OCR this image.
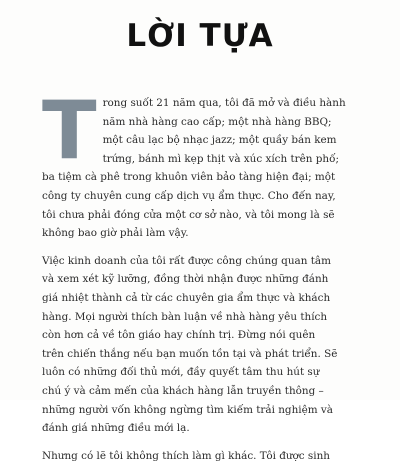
LỜI TỰA

T rong suốt 21 năm qua, tôi đã mở và điều hành
năm nhà hàng cao cấp; một nhà hàng BBQ;
một câu lạc bộ nhạc jazz; một quầy bán kem
trứng, bánh mì kẹp thịt và xúc xích trên phố;
ba tiệm cà phê trong khuôn viên bảo tàng hiện đại; một
công ty chuyên cung cấp dịch vụ ẩm thực. Cho đến nay,
tôi chưa phải đóng cửa một cơ sở nào, và tôi mong là sẽ
không bao giờ phải làm vậy.

Việc kinh doanh của tôi rất được công chúng quan tâm
và xem xét kỹ lưỡng, đồng thời nhận được những đánh
giá nhiệt thành cả từ các chuyên gia ẩm thực và khách
hàng. Mọi người thích bàn luận về nhà hàng yêu thích
còn hơn cả về tôn giáo hay chính trị. Đừng nói quên
trên chiến thắng nếu bạn muốn tồn tại và phát triển. Sẽ
luôn có những đối thủ mới, đầy quyết tâm thu hút sự
chú ý và cảm mến của khách hàng lẫn truyền thông –
những người vốn không ngừng tìm kiếm trải nghiệm và
đánh giá những điều mới lạ.

Nhưng có lẽ tôi không thích làm gì khác. Tôi được sinh
